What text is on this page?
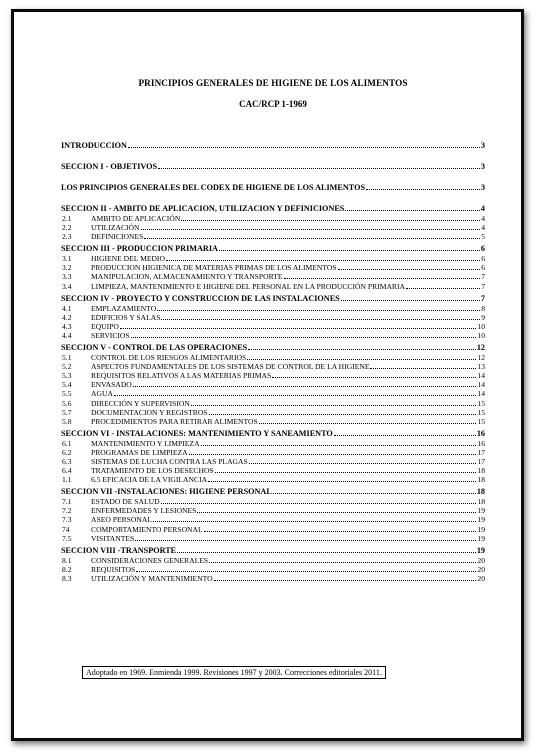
PRINCIPIOS GENERALES DE HIGIENE DE LOS ALIMENTOS
CAC/RCP 1-1969
INTRODUCCION	3
SECCION I - OBJETIVOS	3
LOS PRINCIPIOS GENERALES DEL CODEX DE HIGIENE DE LOS ALIMENTOS	3
SECCION II - AMBITO DE APLICACION, UTILIZACION Y DEFINICIONES	4
2.1	AMBITO DE APLICACIÓN	4
2.2	UTILIZACIÓN	4
2.3	DEFINICIONES	5
SECCION III - PRODUCCION PRIMARIA	6
3.1	HIGIENE DEL MEDIO	6
3.2	PRODUCCION HIGIENICA DE MATERIAS PRIMAS DE LOS ALIMENTOS	6
3.3	MANIPULACION, ALMACENAMIENTO Y TRANSPORTE	7
3.4	LIMPIEZA, MANTENIMIENTO E HIGIENE DEL PERSONAL EN LA PRODUCCIÓN PRIMARIA	7
SECCION IV - PROYECTO Y CONSTRUCCION DE LAS INSTALACIONES	7
4.1	EMPLAZAMIENTO	8
4.2	EDIFICIOS Y SALAS	9
4.3	EQUIPO	10
4.4	SERVICIOS	10
SECCION V - CONTROL DE LAS OPERACIONES	12
5.1	CONTROL DE LOS RIESGOS ALIMENTARIOS	12
5.2	ASPECTOS FUNDAMENTALES DE LOS SISTEMAS DE CONTROL DE LA HIGIENE	13
5.3	REQUISITOS RELATIVOS A LAS MATERIAS PRIMAS	14
5.4	ENVASADO	14
5.5	AGUA	14
5.6	DIRECCIÓN Y SUPERVISION	15
5.7	DOCUMENTACION Y REGISTROS	15
5.8	PROCEDIMIENTOS PARA RETIRAR ALIMENTOS	15
SECCION VI - INSTALACIONES: MANTENIMIENTO Y SANEAMIENTO	16
6.1	MANTENIMIENTO Y LIMPIEZA	16
6.2	PROGRAMAS DE LIMPIEZA	17
6.3	SISTEMAS DE LUCHA CONTRA LAS PLAGAS	17
6.4	TRATAMIENTO DE LOS DESECHOS	18
1.1	6.5 EFICACIA DE LA VIGILANCIA	18
SECCION VII -INSTALACIONES: HIGIENE PERSONAL	18
7.1	ESTADO DE SALUD	18
7.2	ENFERMEDADES Y LESIONES	19
7.3	ASEO PERSONAL	19
74	COMPORTAMIENTO PERSONAL	19
7.5	VISITANTES	19
SECCION VIII -TRANSPORTE	19
8.1	CONSIDERACIONES GENERALES	20
8.2	REQUISITOS	20
8.3	UTILIZACIÓN Y MANTENIMIENTO	20
Adoptado en 1969. Enmienda 1999. Revisiones 1997 y 2003. Correcciones editoriales 2011.
